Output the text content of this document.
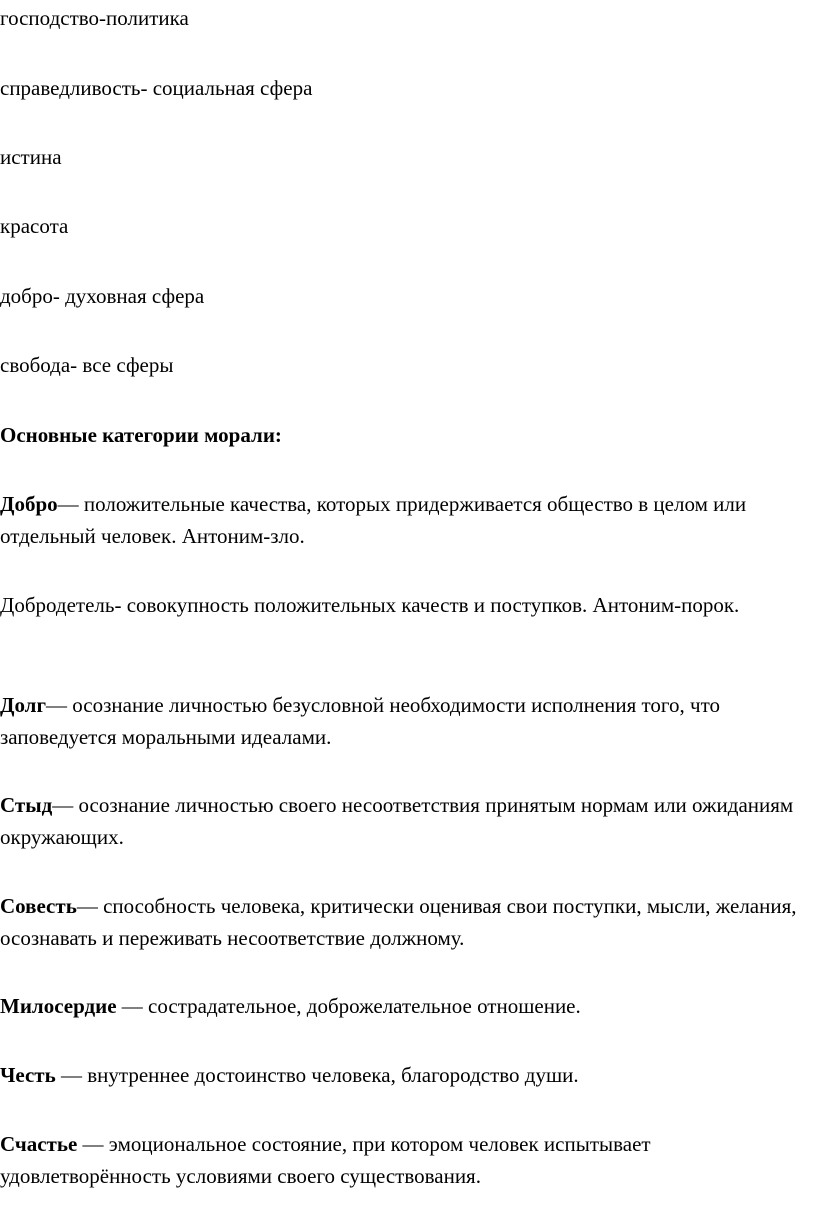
господство-политика

справедливость- социальная сфера

истина

красота

добро- духовная сфера

свобода- все сферы

Основные категории морали:

Добро— положительные качества, которых придерживается общество в целом или отдельный человек. Антоним-зло.

Добродетель- совокупность положительных качеств и поступков. Антоним-порок.

Долг— осознание личностью безусловной необходимости исполнения того, что заповедуется моральными идеалами.

Стыд— осознание личностью своего несоответствия принятым нормам или ожиданиям окружающих.

Совесть— способность человека, критически оценивая свои поступки, мысли, желания, осознавать и переживать несоответствие должному.

Милосердие — сострадательное, доброжелательное отношение.

Честь — внутреннее достоинство человека, благородство души.

Счастье — эмоциональное состояние, при котором человек испытывает удовлетворённость условиями своего существования.
